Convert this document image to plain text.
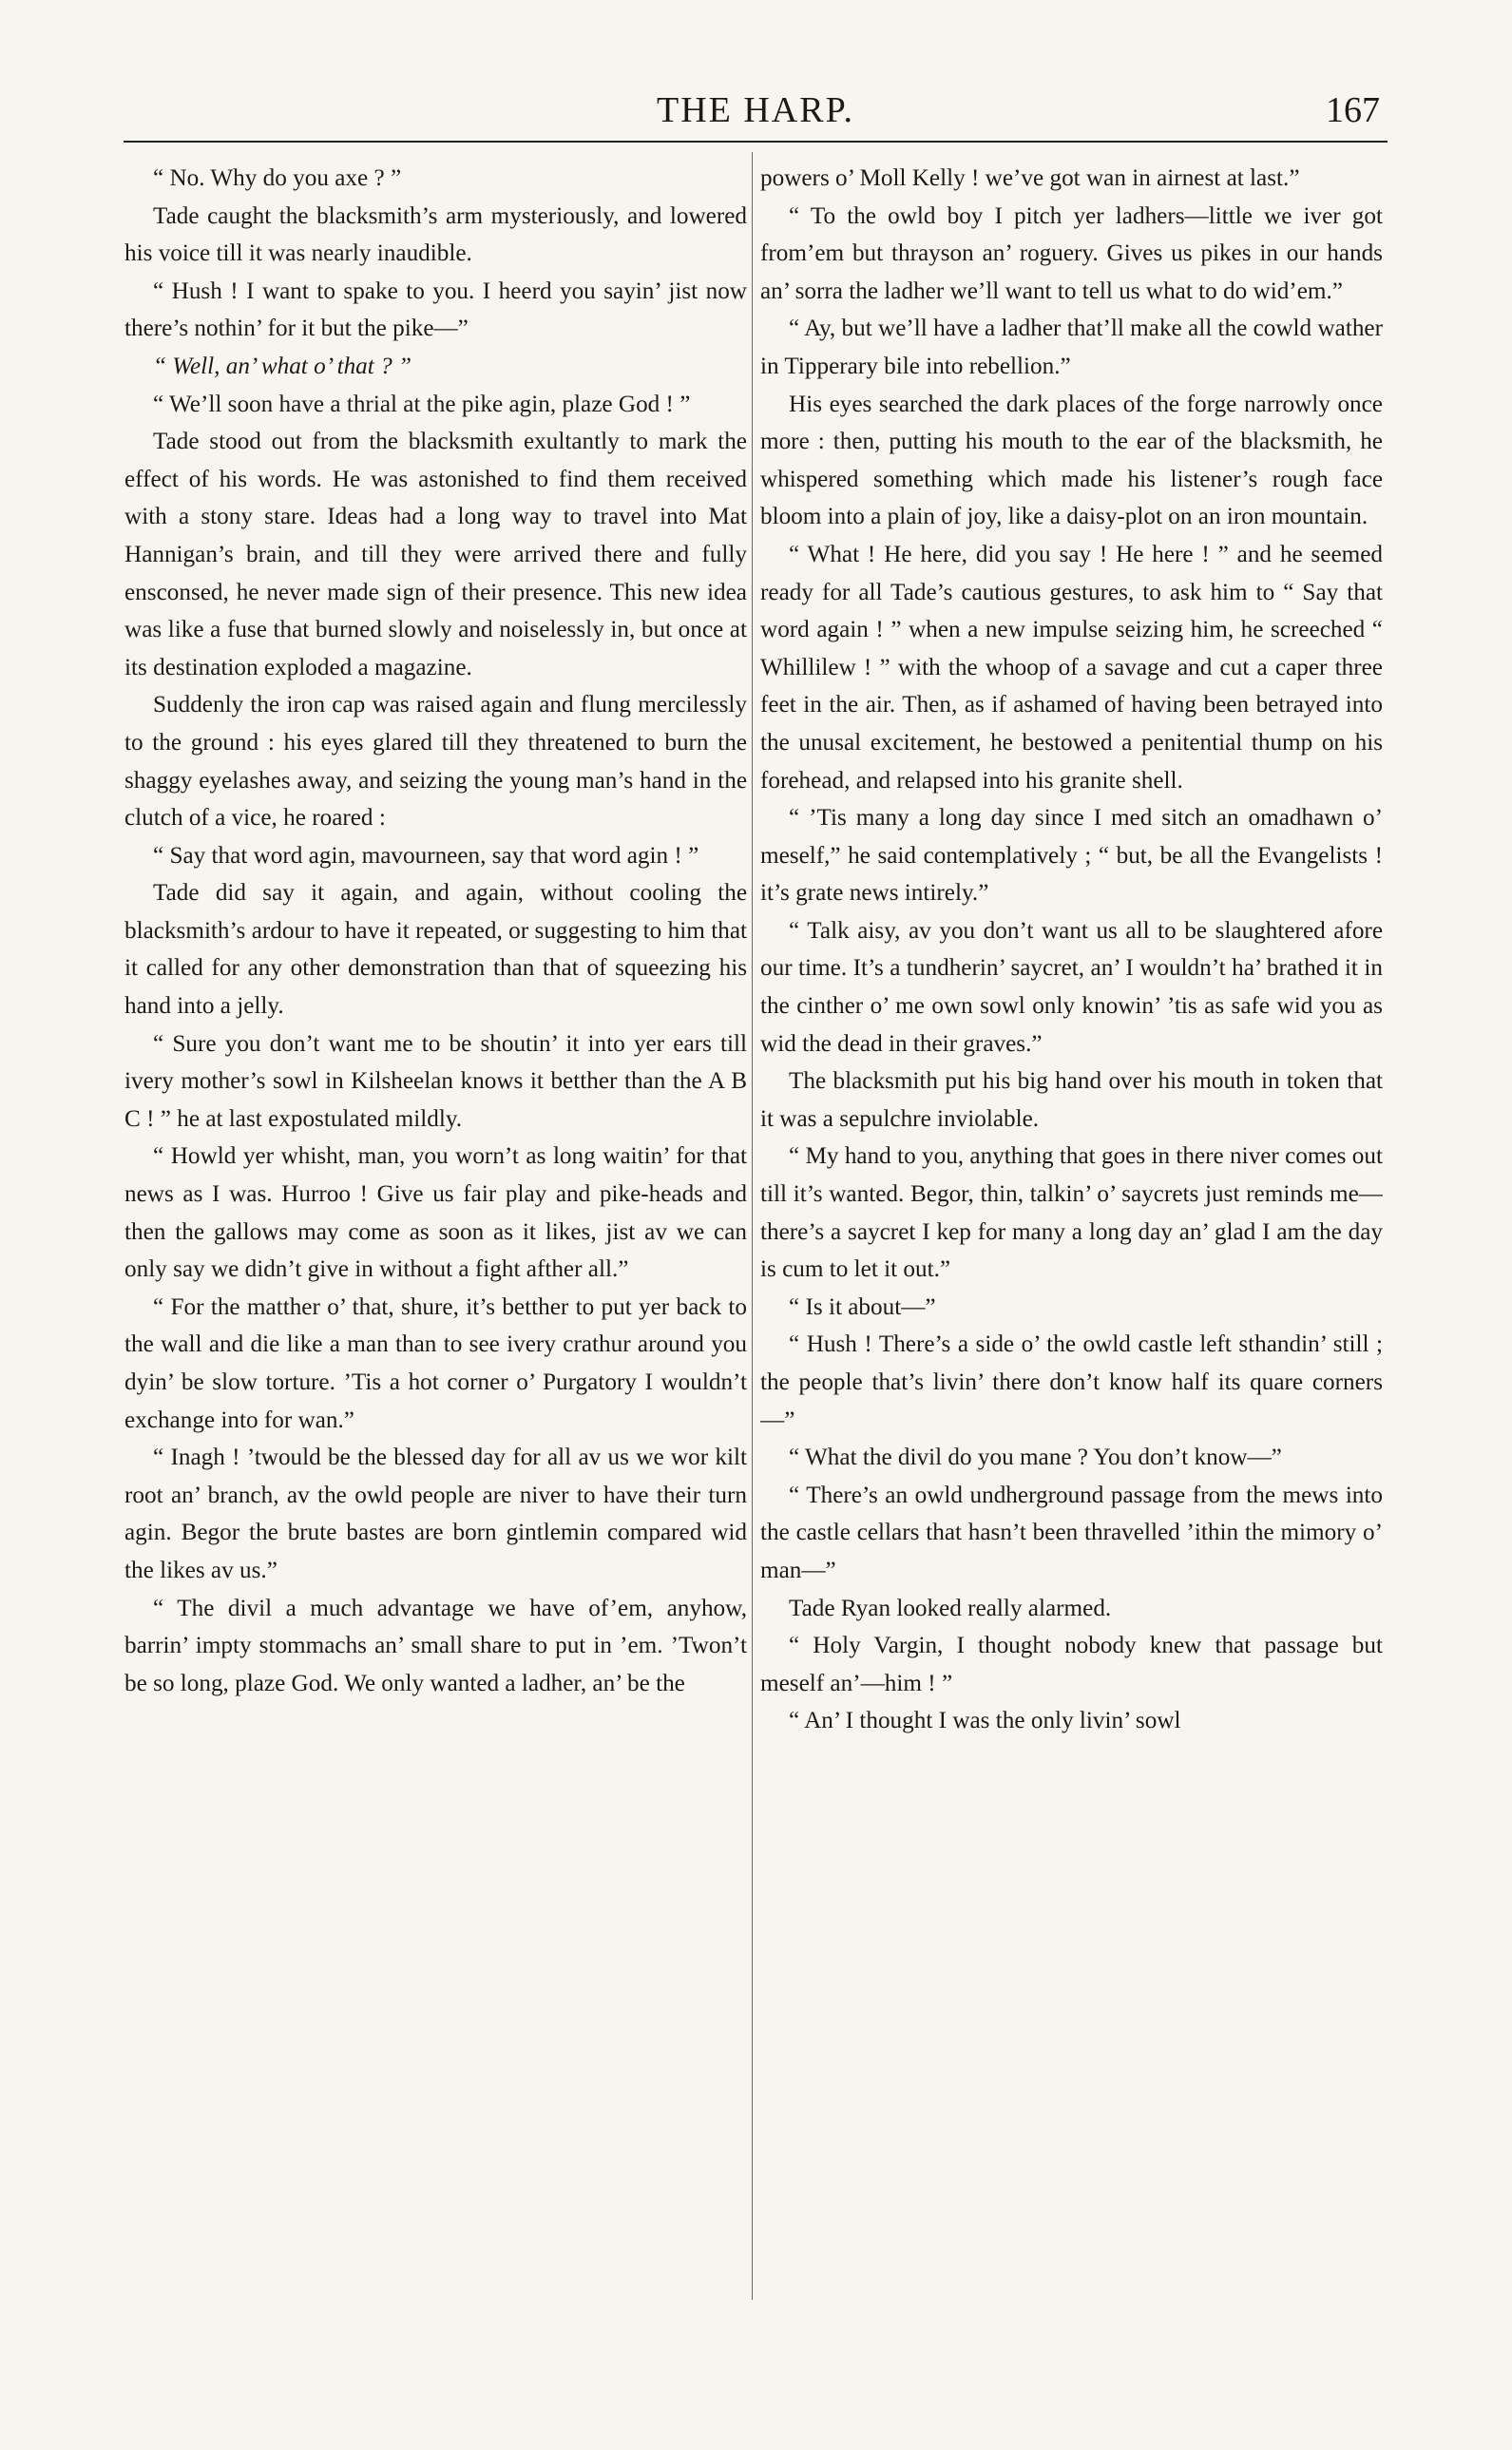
THE HARP.	167

“ No. Why do you axe ? ”

Tade caught the blacksmith’s arm mysteriously, and lowered his voice till it was nearly inaudible.

“ Hush ! I want to spake to you. I heerd you sayin’ jist now there’s nothin’ for it but the pike—”

“ Well, an’ what o’ that ? ”

“ We’ll soon have a thrial at the pike agin, plaze God ! ”

Tade stood out from the blacksmith exultantly to mark the effect of his words. He was astonished to find them received with a stony stare. Ideas had a long way to travel into Mat Hannigan’s brain, and till they were arrived there and fully ensconsed, he never made sign of their presence. This new idea was like a fuse that burned slowly and noiselessly in, but once at its destination exploded a magazine.

Suddenly the iron cap was raised again and flung mercilessly to the ground : his eyes glared till they threatened to burn the shaggy eyelashes away, and seizing the young man’s hand in the clutch of a vice, he roared :

“ Say that word agin, mavourneen, say that word agin ! ”

Tade did say it again, and again, without cooling the blacksmith’s ardour to have it repeated, or suggesting to him that it called for any other demonstration than that of squeezing his hand into a jelly.

“ Sure you don’t want me to be shoutin’ it into yer ears till ivery mother’s sowl in Kilsheelan knows it betther than the A B C ! ” he at last expostulated mildly.

“ Howld yer whisht, man, you worn’t as long waitin’ for that news as I was. Hurroo ! Give us fair play and pike-heads and then the gallows may come as soon as it likes, jist av we can only say we didn’t give in without a fight afther all.”

“ For the matther o’ that, shure, it’s betther to put yer back to the wall and die like a man than to see ivery crathur around you dyin’ be slow torture. ’Tis a hot corner o’ Purgatory I wouldn’t exchange into for wan.”

“ Inagh ! ’twould be the blessed day for all av us we wor kilt root an’ branch, av the owld people are niver to have their turn agin. Begor the brute bastes are born gintlemin compared wid the likes av us.”

“ The divil a much advantage we have of’em, anyhow, barrin’ impty stommachs an’ small share to put in ’em. ’Twon’t be so long, plaze God. We only wanted a ladher, an’ be the

powers o’ Moll Kelly ! we’ve got wan in airnest at last.”

“ To the owld boy I pitch yer ladhers—little we iver got from’em but thrayson an’ roguery. Gives us pikes in our hands an’ sorra the ladher we’ll want to tell us what to do wid’em.”

“ Ay, but we’ll have a ladher that’ll make all the cowld wather in Tipperary bile into rebellion.”

His eyes searched the dark places of the forge narrowly once more : then, putting his mouth to the ear of the blacksmith, he whispered something which made his listener’s rough face bloom into a plain of joy, like a daisy-plot on an iron mountain.

“ What ! He here, did you say ! He here ! ” and he seemed ready for all Tade’s cautious gestures, to ask him to “ Say that word again ! ” when a new impulse seizing him, he screeched “ Whillilew ! ” with the whoop of a savage and cut a caper three feet in the air. Then, as if ashamed of having been betrayed into the unusal excitement, he bestowed a penitential thump on his forehead, and relapsed into his granite shell.

“ ’Tis many a long day since I med sitch an omadhawn o’ meself,” he said contemplatively ; “ but, be all the Evangelists ! it’s grate news intirely.”

“ Talk aisy, av you don’t want us all to be slaughtered afore our time. It’s a tundherin’ saycret, an’ I wouldn’t ha’ brathed it in the cinther o’ me own sowl only knowin’ ’tis as safe wid you as wid the dead in their graves.”

The blacksmith put his big hand over his mouth in token that it was a sepulchre inviolable.

“ My hand to you, anything that goes in there niver comes out till it’s wanted. Begor, thin, talkin’ o’ saycrets just reminds me—there’s a saycret I kep for many a long day an’ glad I am the day is cum to let it out.”

“ Is it about—”

“ Hush ! There’s a side o’ the owld castle left sthandin’ still ; the people that’s livin’ there don’t know half its quare corners—”

“ What the divil do you mane ? You don’t know—”

“ There’s an owld undherground passage from the mews into the castle cellars that hasn’t been thravelled ’ithin the mimory o’ man—”

Tade Ryan looked really alarmed.

“ Holy Vargin, I thought nobody knew that passage but meself an’—him ! ”

“ An’ I thought I was the only livin’ sowl
